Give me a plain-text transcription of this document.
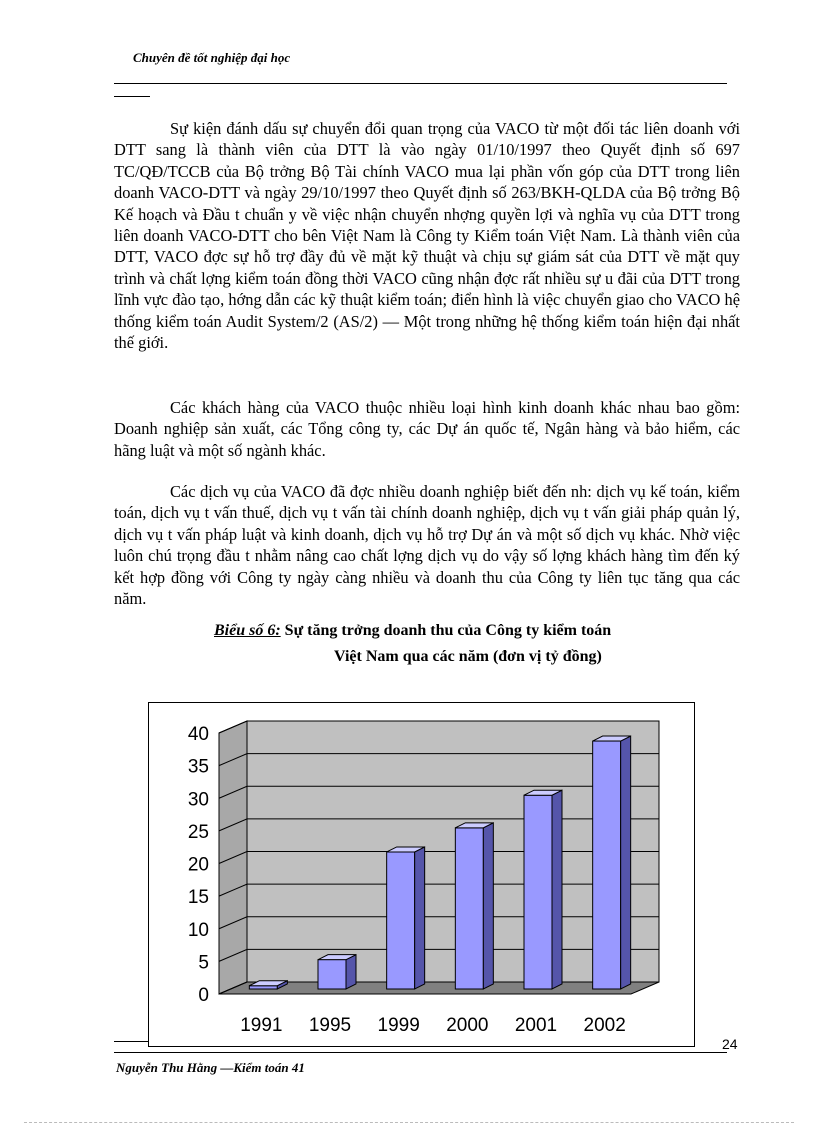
Chuyên đề tốt nghiệp đại học

Sự kiện đánh dấu sự chuyển đổi quan trọng của VACO từ một đối tác liên doanh với DTT sang là thành viên của DTT là vào ngày 01/10/1997 theo Quyết định số 697 TC/QĐ/TCCB của Bộ trởng Bộ Tài chính VACO mua lại phần vốn góp của DTT trong liên doanh VACO-DTT và ngày 29/10/1997 theo Quyết định số 263/BKH-QLDA của Bộ trởng Bộ Kế hoạch và Đầu t chuẩn y về việc nhận chuyển nhợng quyền lợi và nghĩa vụ của DTT trong liên doanh VACO-DTT cho bên Việt Nam là Công ty Kiểm toán Việt Nam. Là thành viên của DTT, VACO đợc sự hỗ trợ đầy đủ về mặt kỹ thuật và chịu sự giám sát của DTT về mặt quy trình và chất lợng kiểm toán đồng thời VACO cũng nhận đợc rất nhiều sự u đãi của DTT trong lĩnh vực đào tạo, hớng dẫn các kỹ thuật kiểm toán; điển hình là việc chuyển giao cho VACO hệ thống kiểm toán Audit System/2 (AS/2) — Một trong những hệ thống kiểm toán hiện đại nhất thế giới.

Các khách hàng của VACO thuộc nhiều loại hình kinh doanh khác nhau bao gồm: Doanh nghiệp sản xuất, các Tổng công ty, các Dự án quốc tế, Ngân hàng và bảo hiểm, các hãng luật và một số ngành khác.

Các dịch vụ của VACO đã đợc nhiều doanh nghiệp biết đến nh: dịch vụ kế toán, kiểm toán, dịch vụ t vấn thuế, dịch vụ t vấn tài chính doanh nghiệp, dịch vụ t vấn giải pháp quản lý, dịch vụ t vấn pháp luật và kinh doanh, dịch vụ hỗ trợ Dự án và một số dịch vụ khác. Nhờ việc luôn chú trọng đầu t nhằm nâng cao chất lợng dịch vụ do vậy số lợng khách hàng tìm đến ký kết hợp đồng với Công ty ngày càng nhiều và doanh thu của Công ty liên tục tăng qua các năm.

Biểu số 6: Sự tăng trởng doanh thu của Công ty kiểm toán
Việt Nam qua các năm (đơn vị tỷ đồng)
0
5
10
15
20
25
30
35
40
1991 1995 1999 2000 2001 2002
24
Nguyễn Thu Hằng —Kiểm toán 41
